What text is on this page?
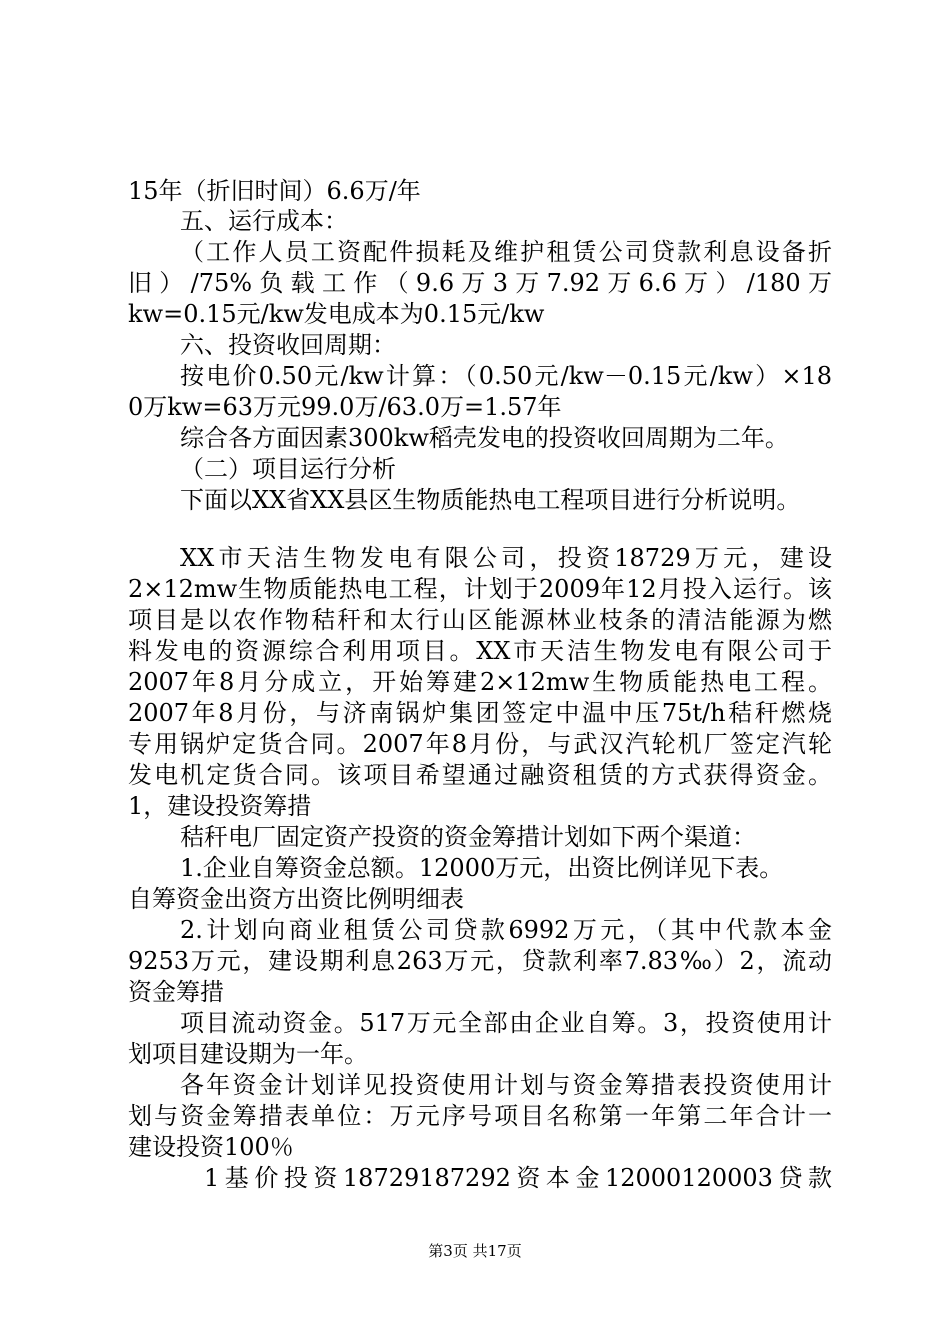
15年（折旧时间）6.6万/年
五、运行成本：
（工作人员工资配件损耗及维护租赁公司贷款利息设备折
旧）/75%负载工作（9.6万3万7.92万6.6万）/180万
kw=0.15元/kw发电成本为0.15元/kw
六、投资收回周期：
按电价0.50元/kw计算：（0.50元/kw－0.15元/kw）×18
0万kw=63万元99.0万/63.0万=1.57年
综合各方面因素300kw稻壳发电的投资收回周期为二年。
（二）项目运行分析
下面以XX省XX县区生物质能热电工程项目进行分析说明。
XX市天洁生物发电有限公司，投资18729万元，建设
2×12mw生物质能热电工程，计划于2009年12月投入运行。该
项目是以农作物秸秆和太行山区能源林业枝条的清洁能源为燃
料发电的资源综合利用项目。XX市天洁生物发电有限公司于
2007年8月分成立，开始筹建2×12mw生物质能热电工程。
2007年8月份，与济南锅炉集团签定中温中压75t/h秸秆燃烧
专用锅炉定货合同。2007年8月份，与武汉汽轮机厂签定汽轮
发电机定货合同。该项目希望通过融资租赁的方式获得资金。
1，建设投资筹措
秸秆电厂固定资产投资的资金筹措计划如下两个渠道：
1.企业自筹资金总额。12000万元，出资比例详见下表。
自筹资金出资方出资比例明细表
2.计划向商业租赁公司贷款6992万元，（其中代款本金
9253万元，建设期利息263万元，贷款利率7.83‰）2，流动
资金筹措
项目流动资金。517万元全部由企业自筹。3，投资使用计
划项目建设期为一年。
各年资金计划详见投资使用计划与资金筹措表投资使用计
划与资金筹措表单位：万元序号项目名称第一年第二年合计一
建设投资100％
1基价投资18729187292资本金12000120003贷款
第3页 共17页
